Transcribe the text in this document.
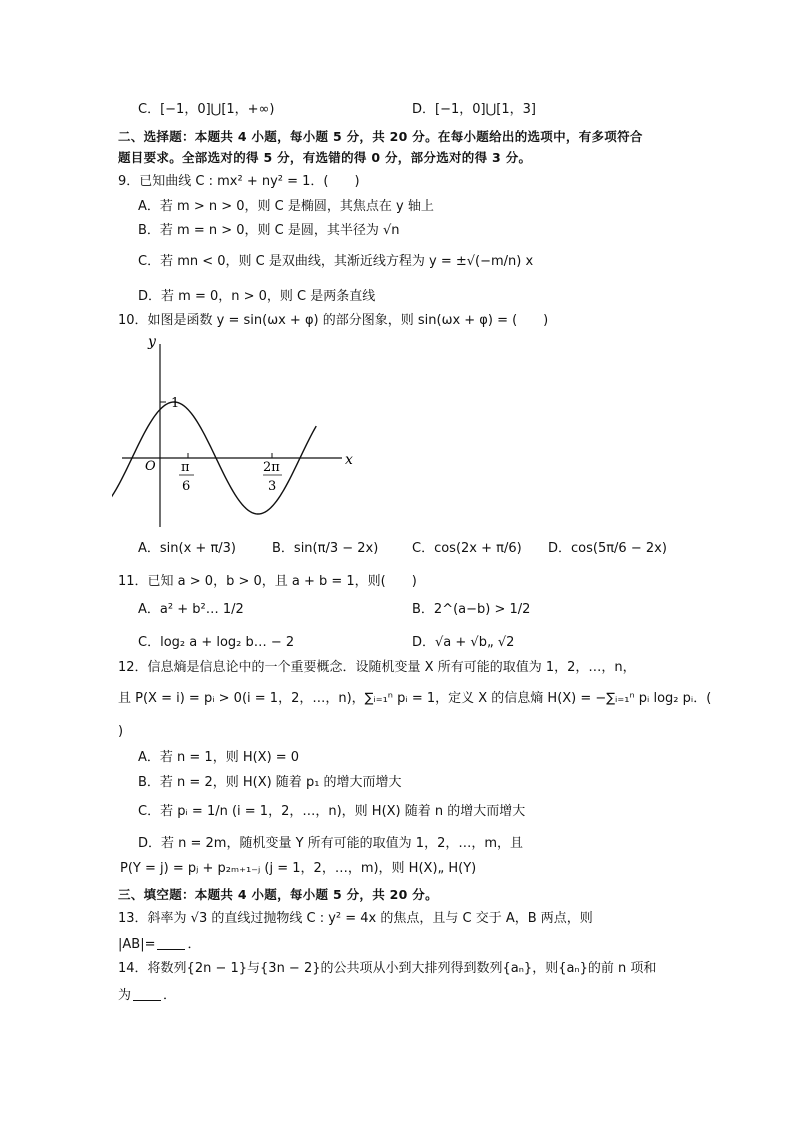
C．[−1，0]⋃[1，+∞)	D．[−1，0]⋃[1，3]
二、选择题：本题共 4 小题，每小题 5 分，共 20 分。在每小题给出的选项中，有多项符合
题目要求。全部选对的得 5 分，有选错的得 0 分，部分选对的得 3 分。
9．已知曲线 C : mx² + ny² = 1．(　　)
A．若 m > n > 0，则 C 是椭圆，其焦点在 y 轴上
B．若 m = n > 0，则 C 是圆，其半径为 √n
C．若 mn < 0，则 C 是双曲线，其渐近线方程为 y = ±√(−m/n) x
D．若 m = 0，n > 0，则 C 是两条直线
10．如图是函数 y = sin(ωx + φ) 的部分图象，则 sin(ωx + φ) = (　　)
y
x
O
1
π
6
2π
3
A．sin(x + π/3)	B．sin(π/3 − 2x)	C．cos(2x + π/6) D．cos(5π/6 − 2x)
11．已知 a > 0，b > 0，且 a + b = 1，则(　　)
A．a² + b²… 1/2	B．2^(a−b) > 1/2
C．log₂ a + log₂ b… − 2	D．√a + √b„ √2
12．信息熵是信息论中的一个重要概念．设随机变量 X 所有可能的取值为 1，2，…，n，
且 P(X = i) = pᵢ > 0(i = 1，2，…，n)，∑ᵢ₌₁ⁿ pᵢ = 1，定义 X 的信息熵 H(X) = −∑ᵢ₌₁ⁿ pᵢ log₂ pᵢ．(
)
A．若 n = 1，则 H(X) = 0
B．若 n = 2，则 H(X) 随着 p₁ 的增大而增大
C．若 pᵢ = 1/n (i = 1，2，…，n)，则 H(X) 随着 n 的增大而增大
D．若 n = 2m，随机变量 Y 所有可能的取值为 1，2，…，m，且
P(Y = j) = pⱼ + p₂ₘ₊₁₋ⱼ (j = 1，2，…，m)，则 H(X)„ H(Y)
三、填空题：本题共 4 小题，每小题 5 分，共 20 分。
13．斜率为 √3 的直线过抛物线 C : y² = 4x 的焦点，且与 C 交于 A，B 两点，则
|AB|= ．
14．将数列{2n − 1}与{3n − 2}的公共项从小到大排列得到数列{aₙ}，则{aₙ}的前 n 项和
为 ．
